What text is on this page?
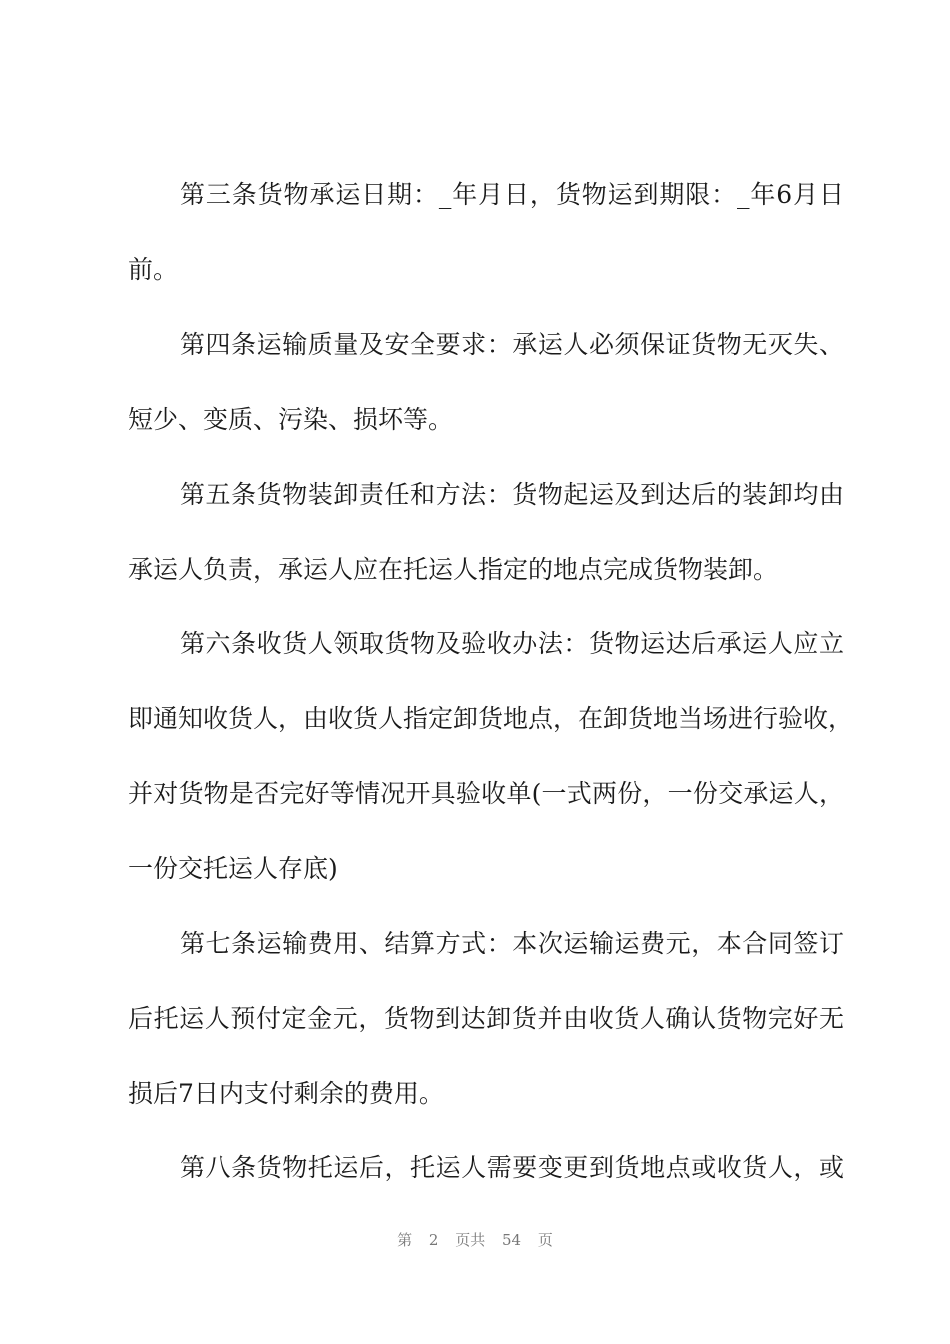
第三条货物承运日期：_年月日，货物运到期限：_年6月日
前。
第四条运输质量及安全要求：承运人必须保证货物无灭失、
短少、变质、污染、损坏等。
第五条货物装卸责任和方法：货物起运及到达后的装卸均由
承运人负责，承运人应在托运人指定的地点完成货物装卸。
第六条收货人领取货物及验收办法：货物运达后承运人应立
即通知收货人，由收货人指定卸货地点，在卸货地当场进行验收，
并对货物是否完好等情况开具验收单(一式两份，一份交承运人，
一份交托运人存底)
第七条运输费用、结算方式：本次运输运费元，本合同签订
后托运人预付定金元，货物到达卸货并由收货人确认货物完好无
损后7日内支付剩余的费用。
第八条货物托运后，托运人需要变更到货地点或收货人，或
第 2 页共 54 页
